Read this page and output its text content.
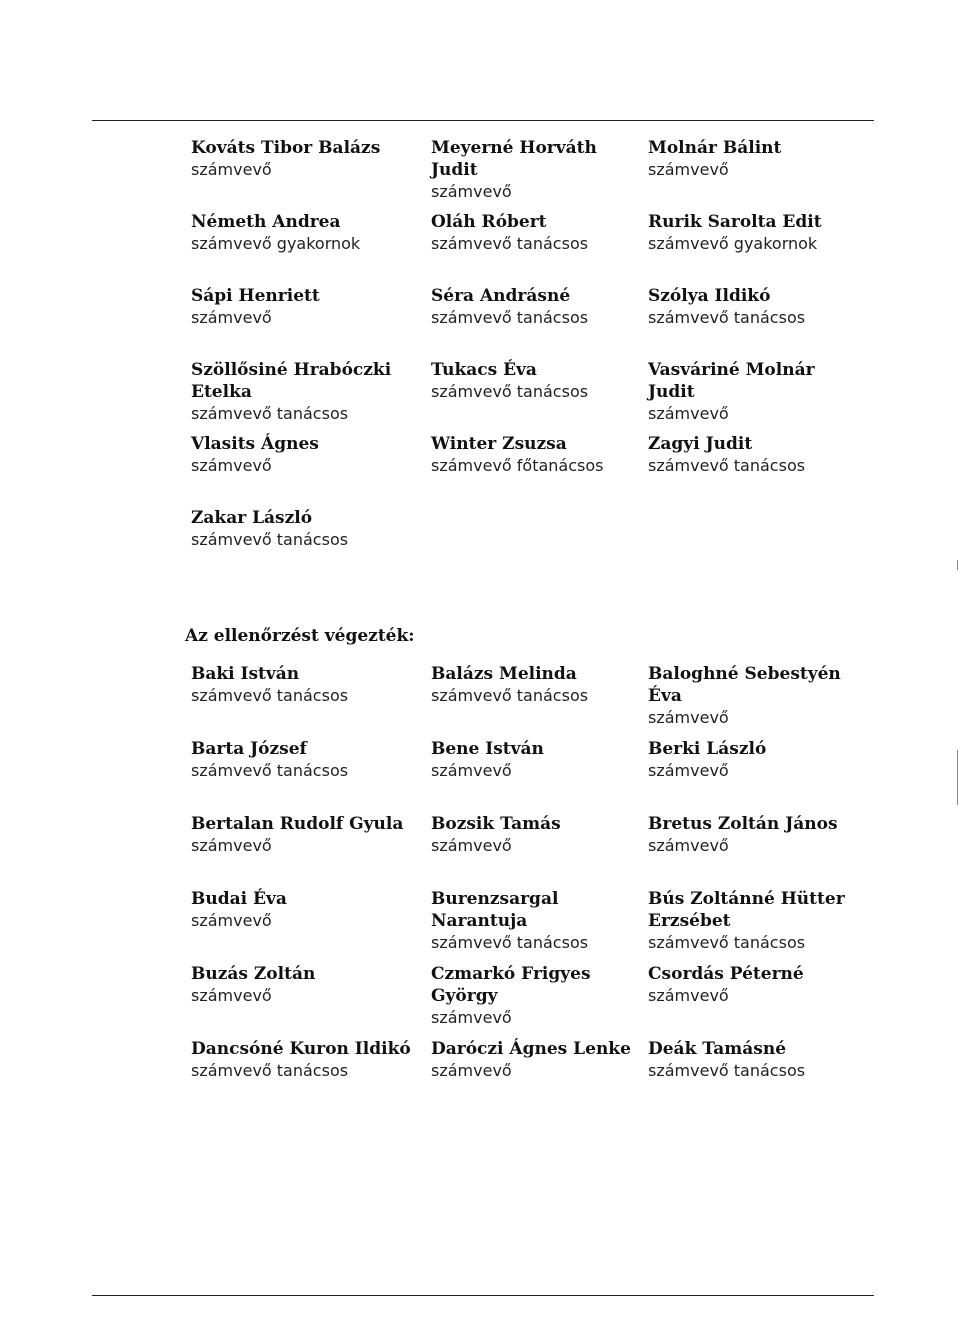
Kováts Tibor Balázs
számvevő
Meyerné Horváth
Judit
számvevő
Molnár Bálint
számvevő
Németh Andrea
számvevő gyakornok
Oláh Róbert
számvevő tanácsos
Rurik Sarolta Edit
számvevő gyakornok
Sápi Henriett
számvevő
Séra Andrásné
számvevő tanácsos
Szólya Ildikó
számvevő tanácsos
Szöllősiné Hrabóczki
Etelka
számvevő tanácsos
Tukacs Éva
számvevő tanácsos
Vasváriné Molnár
Judit
számvevő
Vlasits Ágnes
számvevő
Winter Zsuzsa
számvevő főtanácsos
Zagyi Judit
számvevő tanácsos
Zakar László
számvevő tanácsos
Baki István
számvevő tanácsos
Balázs Melinda
számvevő tanácsos
Baloghné Sebestyén
Éva
számvevő
Barta József
számvevő tanácsos
Bene István
számvevő
Berki László
számvevő
Bertalan Rudolf Gyula
számvevő
Bozsik Tamás
számvevő
Bretus Zoltán János
számvevő
Budai Éva
számvevő
Burenzsargal
Narantuja
számvevő tanácsos
Bús Zoltánné Hütter
Erzsébet
számvevő tanácsos
Buzás Zoltán
számvevő
Czmarkó Frigyes
György
számvevő
Csordás Péterné
számvevő
Dancsóné Kuron Ildikó
számvevő tanácsos
Daróczi Ágnes Lenke
számvevő
Deák Tamásné
számvevő tanácsos
Az ellenőrzést végezték:
